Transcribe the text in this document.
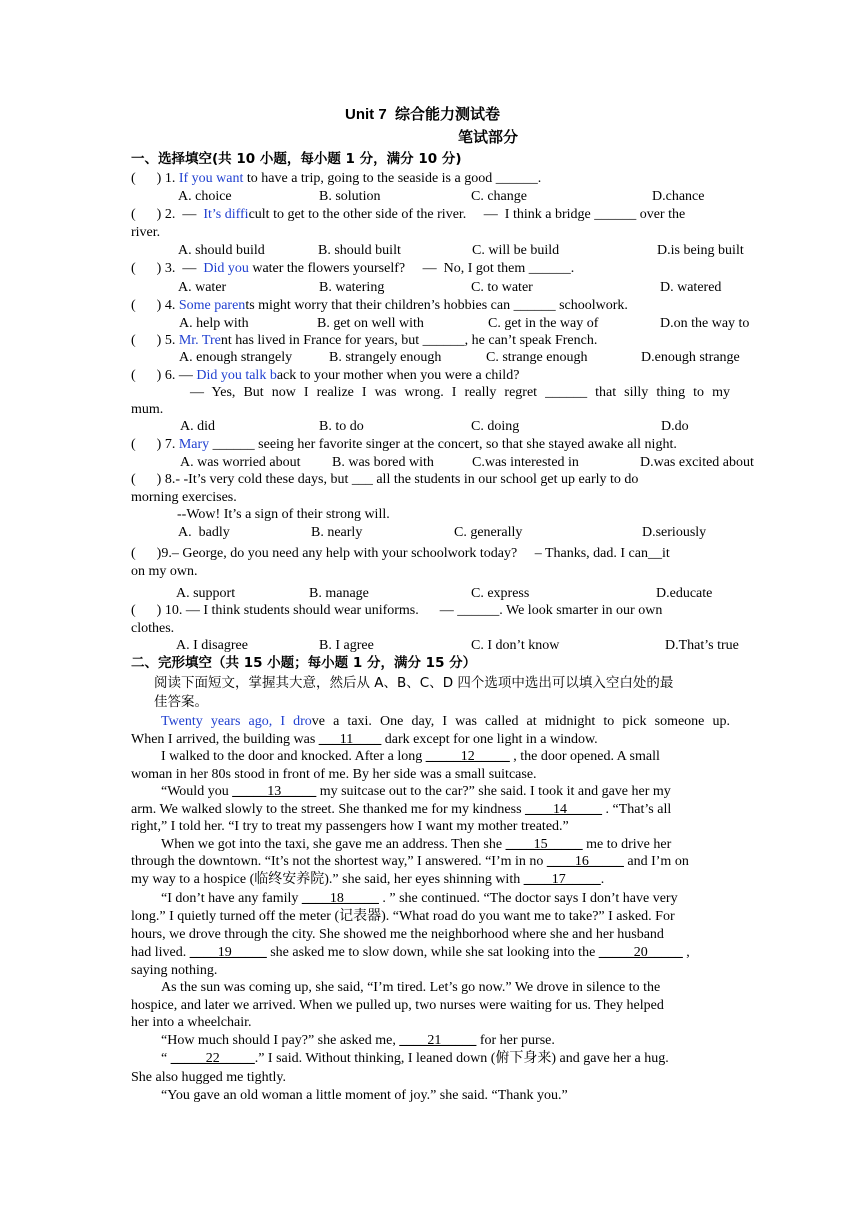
Unit 7  综合能力测试卷
笔试部分
一、选择填空(共 10 小题，每小题 1 分，满分 10 分)
(      ) 1. If you want to have a trip, going to the seaside is a good ______.
A. choice	B. solution	C. change	D.chance
(      ) 2. — It’s difficult to get to the other side of the river.     —  I think a bridge ______ over the
river.
A. should build	B. should built	C. will be build	D.is being built
(      ) 3. — Did you water the flowers yourself?     —  No, I got them ______.
A. water	B. watering	C. to water	D. watered
(      ) 4. Some parents might worry that their children’s hobbies can ______ schoolwork.
A. help with	B. get on well with	C. get in the way of	D.on the way to
(      ) 5. Mr. Trent has lived in France for years, but ______, he can’t speak French.
A. enough strangely	B. strangely enough	C. strange enough	D.enough strange
(      ) 6. — Did you talk back to your mother when you were a child?
— Yes, But now I realize I was wrong. I really regret ______ that silly thing to my
mum.
A. did	B. to do	C. doing	D.do
(      ) 7. Mary ______ seeing her favorite singer at the concert, so that she stayed awake all night.
A. was worried about B. was bored with	C.was interested in	D.was excited about
(      ) 8.- -It’s very cold these days, but ___ all the students in our school get up early to do
morning exercises.
--Wow! It’s a sign of their strong will.
A.  badly	B. nearly	C. generally	D.seriously
(      )9.– George, do you need any help with your schoolwork today?     – Thanks, dad. I can__it
on my own.
A. support	B. manage	C. express	D.educate
(      ) 10. — I think students should wear uniforms.      — ______. We look smarter in our own
clothes.
A. I disagree	B. I agree	C. I don’t know	D.That’s true
二、完形填空（共 15 小题；每小题 1 分，满分 15 分）
阅读下面短文，掌握其大意，然后从 A、B、C、D 四个选项中选出可以填入空白处的最
佳答案。
Twenty years ago, I drove a taxi. One day, I was called at midnight to pick someone up.
When I arrived, the building was ___11____ dark except for one light in a window.
I walked to the door and knocked. After a long _____12_____ , the door opened. A small
woman in her 80s stood in front of me. By her side was a small suitcase.
“Would you _____13_____ my suitcase out to the car?” she said. I took it and gave her my
arm. We walked slowly to the street. She thanked me for my kindness ____14_____ . “That’s all
right,” I told her. “I try to treat my passengers how I want my mother treated.”
When we got into the taxi, she gave me an address. Then she ____15_____ me to drive her
through the downtown. “It’s not the shortest way,” I answered. “I’m in no ____16_____ and I’m on
my way to a hospice (临终安养院).” she said, her eyes shinning with ____17_____.
“I don’t have any family ____18_____ . ” she continued. “The doctor says I don’t have very
long.” I quietly turned off the meter (记表器). “What road do you want me to take?” I asked. For
hours, we drove through the city. She showed me the neighborhood where she and her husband
had lived. ____19_____ she asked me to slow down, while she sat looking into the _____20_____ ,
saying nothing.
As the sun was coming up, she said, “I’m tired. Let’s go now.” We drove in silence to the
hospice, and later we arrived. When we pulled up, two nurses were waiting for us. They helped
her into a wheelchair.
“How much should I pay?” she asked me, ____21_____ for her purse.
“ _____22_____.” I said. Without thinking, I leaned down (俯下身来) and gave her a hug.
She also hugged me tightly.
“You gave an old woman a little moment of joy.” she said. “Thank you.”
